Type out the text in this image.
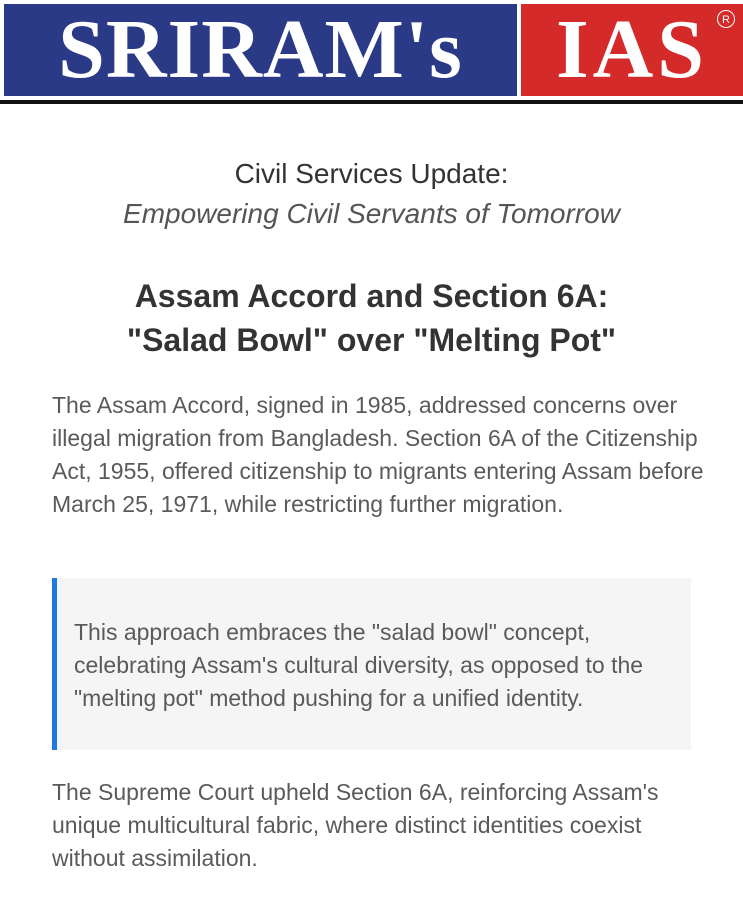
SRIRAM's IAS	R
Civil Services Update:
Empowering Civil Servants of Tomorrow
Assam Accord and Section 6A:
"Salad Bowl" over "Melting Pot"

The Assam Accord, signed in 1985, addressed concerns over illegal migration from Bangladesh. Section 6A of the Citizenship Act, 1955, offered citizenship to migrants entering Assam before March 25, 1971, while restricting further migration.

This approach embraces the "salad bowl" concept, celebrating Assam's cultural diversity, as opposed to the "melting pot" method pushing for a unified identity.

The Supreme Court upheld Section 6A, reinforcing Assam's unique multicultural fabric, where distinct identities coexist without assimilation.
